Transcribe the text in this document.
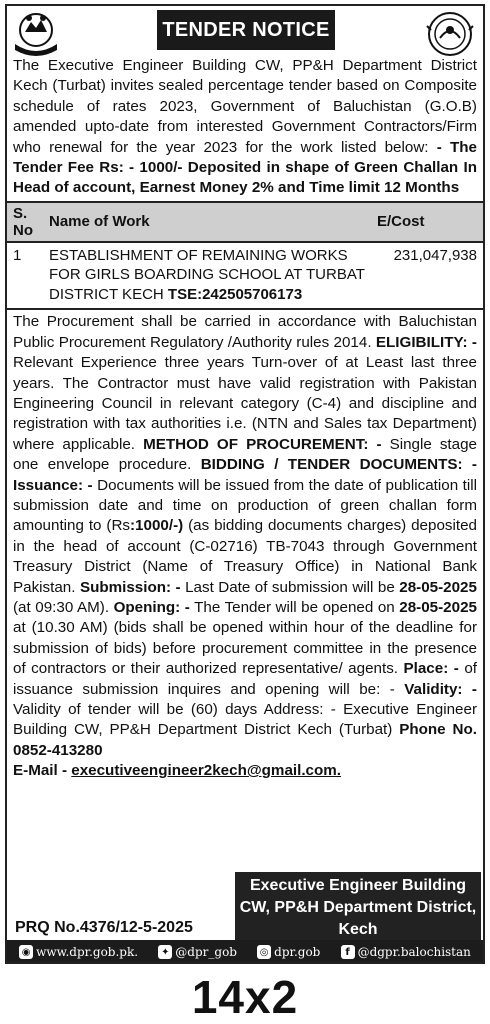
TENDER NOTICE
The Executive Engineer Building CW, PP&H Department District Kech (Turbat) invites sealed percentage tender based on Composite schedule of rates 2023, Government of Baluchistan (G.O.B) amended upto-date from interested Government Contractors/Firm who renewal for the year 2023 for the work listed below: - The Tender Fee Rs: - 1000/- Deposited in shape of Green Challan In Head of account, Earnest Money 2% and Time limit 12 Months
S. No	Name of Work	E/Cost
1	ESTABLISHMENT OF REMAINING WORKS FOR GIRLS BOARDING SCHOOL AT TURBAT DISTRICT KECH TSE:242505706173	231,047,938
The Procurement shall be carried in accordance with Baluchistan Public Procurement Regulatory /Authority rules 2014. ELIGIBILITY: - Relevant Experience three years Turn-over of at Least last three years. The Contractor must have valid registration with Pakistan Engineering Council in relevant category (C-4) and discipline and registration with tax authorities i.e. (NTN and Sales tax Department) where applicable. METHOD OF PROCUREMENT: - Single stage one envelope procedure. BIDDING / TENDER DOCUMENTS: - Issuance: - Documents will be issued from the date of publication till submission date and time on production of green challan form amounting to (Rs:1000/-) (as bidding documents charges) deposited in the head of account (C-02716) TB-7043 through Government Treasury District (Name of Treasury Office) in National Bank Pakistan. Submission: - Last Date of submission will be 28-05-2025 (at 09:30 AM). Opening: - The Tender will be opened on 28-05-2025 at (10.30 AM) (bids shall be opened within hour of the deadline for submission of bids) before procurement committee in the presence of contractors or their authorized representative/ agents. Place: - of issuance submission inquires and opening will be: - Validity: - Validity of tender will be (60) days Address: - Executive Engineer Building CW, PP&H Department District Kech (Turbat) Phone No. 0852-413280
E-Mail - executiveengineer2kech@gmail.com.
Executive Engineer Building
CW, PP&H Department District,
Kech
PRQ No.4376/12-5-2025
◉ www.dpr.gob.pk. ✦ @dpr_gob ◎ dpr.gob	f @dgpr.balochistan
14x2
